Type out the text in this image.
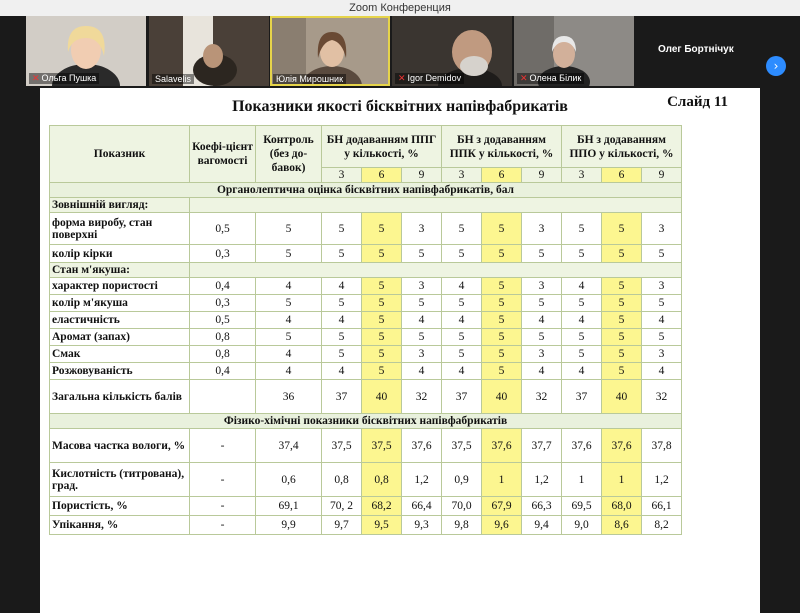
Zoom Конференция
✕ Ольга Пушка	Salavelis	Юлія Мирошник	✕ Igor Demidov	✕ Олена Білик
Олег Бортнічук
›
Показники якості бісквітних напівфабрикатів	Слайд 11
Показник	Коефі-цієнт вагомості	Контроль (без до-бавок)	БН додаванням ППГ у кількості, %			БН з додаванням ППК у кількості, %			БН з додаванням ППО у кількості, %		
			3	6	9	3	6	9	3	6	9
Органолептична оцінка бісквітних напівфабрикатів, бал											
Зовнішній вигляд:											
форма виробу, стан поверхні	0,5	5	5	5	3	5	5	3	5	5	3
колір кірки	0,3	5	5	5	5	5	5	5	5	5	5
Стан м'якуша:											
характер пористості	0,4	4	4	5	3	4	5	3	4	5	3
колір м'якуша	0,3	5	5	5	5	5	5	5	5	5	5
еластичність	0,5	4	4	5	4	4	5	4	4	5	4
Аромат (запах)	0,8	5	5	5	5	5	5	5	5	5	5
Смак	0,8	4	5	5	3	5	5	3	5	5	3
Розжовуваність	0,4	4	4	5	4	4	5	4	4	5	4
Загальна кількість балів		36	37	40	32	37	40	32	37	40	32
Фізико-хімічні показники бісквітних напівфабрикатів											
Масова частка вологи, %	-	37,4	37,5	37,5	37,6	37,5	37,6	37,7	37,6	37,6	37,8
Кислотність (титрована), град.	-	0,6	0,8	0,8	1,2	0,9	1	1,2	1	1	1,2
Пористість, %	-	69,1	70, 2	68,2	66,4	70,0	67,9	66,3	69,5	68,0	66,1
Упікання, %	-	9,9	9,7	9,5	9,3	9,8	9,6	9,4	9,0	8,6	8,2
